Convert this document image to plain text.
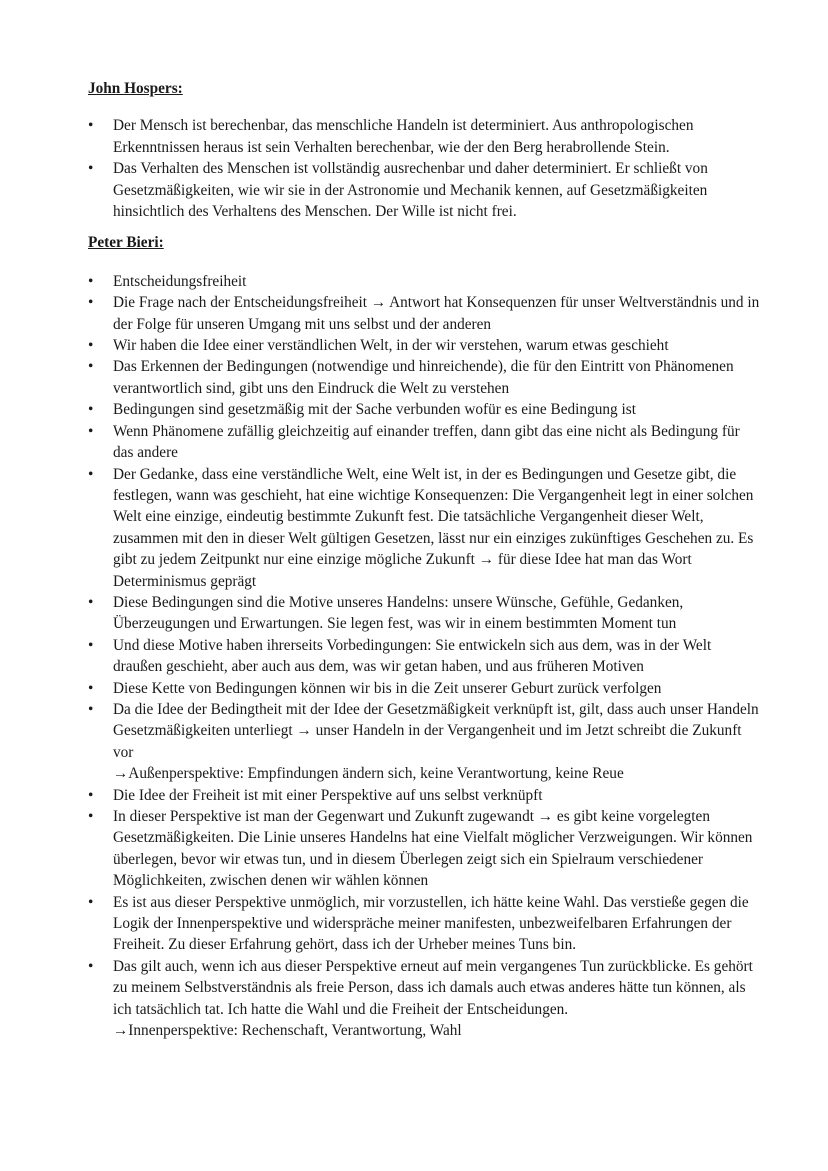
John Hospers:

• Der Mensch ist berechenbar, das menschliche Handeln ist determiniert. Aus anthropologischen Erkenntnissen heraus ist sein Verhalten berechenbar, wie der den Berg herabrollende Stein.
• Das Verhalten des Menschen ist vollständig ausrechenbar und daher determiniert. Er schließt von Gesetzmäßigkeiten, wie wir sie in der Astronomie und Mechanik kennen, auf Gesetzmäßigkeiten hinsichtlich des Verhaltens des Menschen. Der Wille ist nicht frei.

Peter Bieri:

• Entscheidungsfreiheit
• Die Frage nach der Entscheidungsfreiheit → Antwort hat Konsequenzen für unser Weltverständnis und in der Folge für unseren Umgang mit uns selbst und der anderen
• Wir haben die Idee einer verständlichen Welt, in der wir verstehen, warum etwas geschieht
• Das Erkennen der Bedingungen (notwendige und hinreichende), die für den Eintritt von Phänomenen verantwortlich sind, gibt uns den Eindruck die Welt zu verstehen
• Bedingungen sind gesetzmäßig mit der Sache verbunden wofür es eine Bedingung ist
• Wenn Phänomene zufällig gleichzeitig auf einander treffen, dann gibt das eine nicht als Bedingung für das andere
• Der Gedanke, dass eine verständliche Welt, eine Welt ist, in der es Bedingungen und Gesetze gibt, die festlegen, wann was geschieht, hat eine wichtige Konsequenzen: Die Vergangenheit legt in einer solchen Welt eine einzige, eindeutig bestimmte Zukunft fest. Die tatsächliche Vergangenheit dieser Welt, zusammen mit den in dieser Welt gültigen Gesetzen, lässt nur ein einziges zukünftiges Geschehen zu. Es gibt zu jedem Zeitpunkt nur eine einzige mögliche Zukunft → für diese Idee hat man das Wort Determinismus geprägt
• Diese Bedingungen sind die Motive unseres Handelns: unsere Wünsche, Gefühle, Gedanken, Überzeugungen und Erwartungen. Sie legen fest, was wir in einem bestimmten Moment tun
• Und diese Motive haben ihrerseits Vorbedingungen: Sie entwickeln sich aus dem, was in der Welt draußen geschieht, aber auch aus dem, was wir getan haben, und aus früheren Motiven
• Diese Kette von Bedingungen können wir bis in die Zeit unserer Geburt zurück verfolgen
• Da die Idee der Bedingtheit mit der Idee der Gesetzmäßigkeit verknüpft ist, gilt, dass auch unser Handeln Gesetzmäßigkeiten unterliegt → unser Handeln in der Vergangenheit und im Jetzt schreibt die Zukunft vor
→Außenperspektive: Empfindungen ändern sich, keine Verantwortung, keine Reue
• Die Idee der Freiheit ist mit einer Perspektive auf uns selbst verknüpft
• In dieser Perspektive ist man der Gegenwart und Zukunft zugewandt → es gibt keine vorgelegten Gesetzmäßigkeiten. Die Linie unseres Handelns hat eine Vielfalt möglicher Verzweigungen. Wir können überlegen, bevor wir etwas tun, und in diesem Überlegen zeigt sich ein Spielraum verschiedener Möglichkeiten, zwischen denen wir wählen können
• Es ist aus dieser Perspektive unmöglich, mir vorzustellen, ich hätte keine Wahl. Das verstieße gegen die Logik der Innenperspektive und widerspräche meiner manifesten, unbezweifelbaren Erfahrungen der Freiheit. Zu dieser Erfahrung gehört, dass ich der Urheber meines Tuns bin.
• Das gilt auch, wenn ich aus dieser Perspektive erneut auf mein vergangenes Tun zurückblicke. Es gehört zu meinem Selbstverständnis als freie Person, dass ich damals auch etwas anderes hätte tun können, als ich tatsächlich tat. Ich hatte die Wahl und die Freiheit der Entscheidungen.
→Innenperspektive: Rechenschaft, Verantwortung, Wahl
